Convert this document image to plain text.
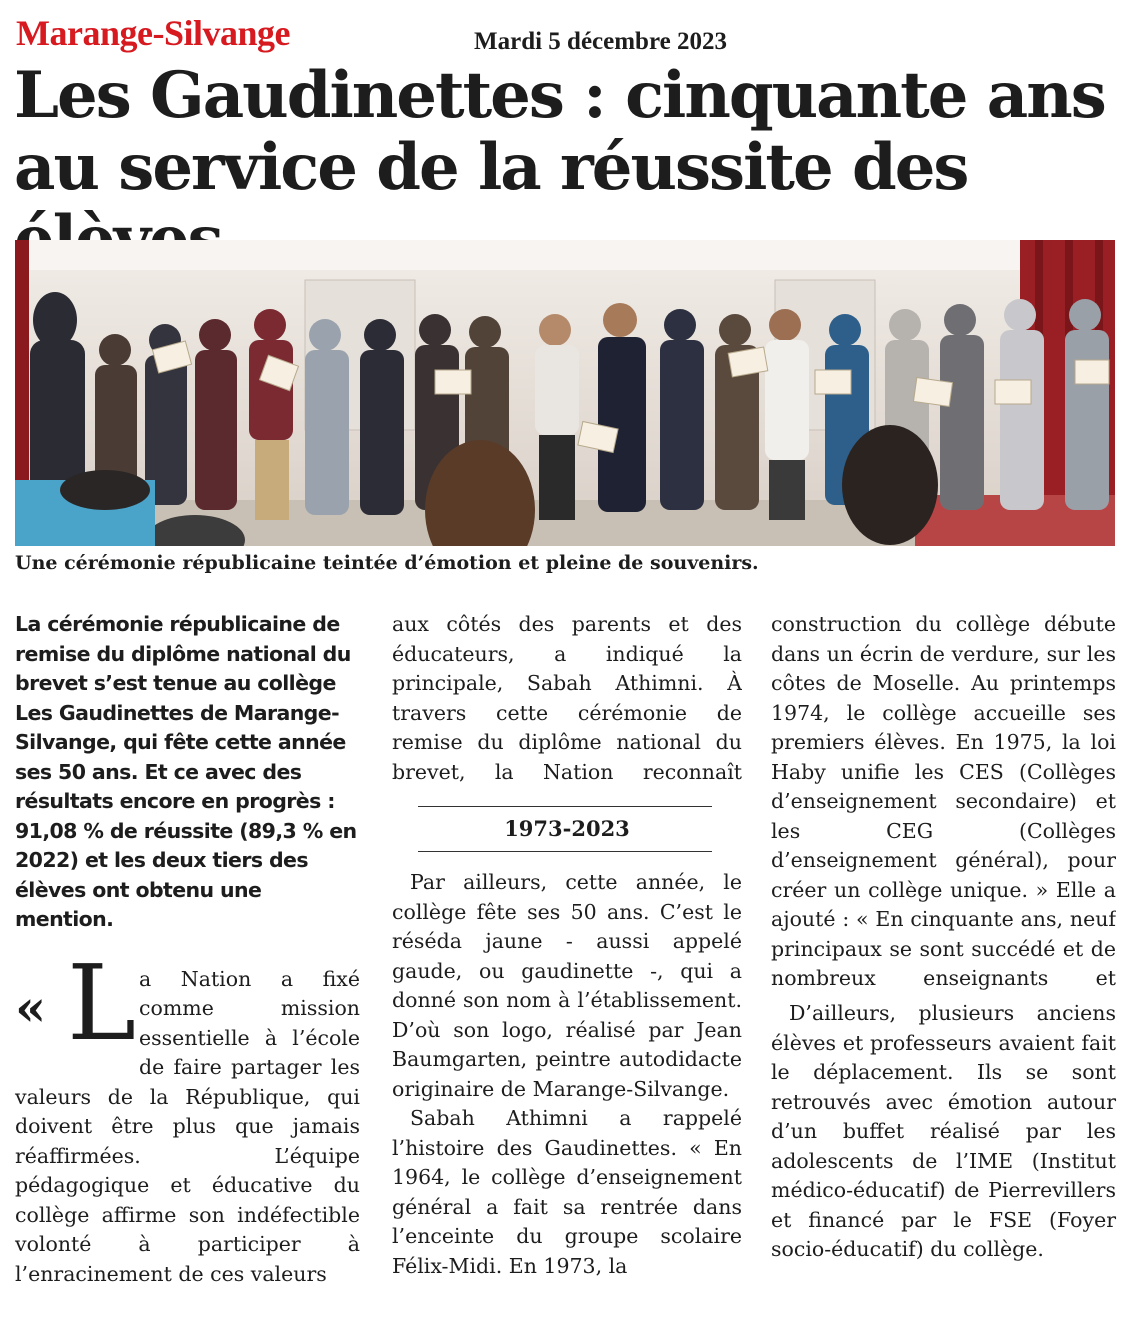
Marange-Silvange	Mardi 5 décembre 2023
Les Gaudinettes : cinquante ans au service de la réussite des
Une cérémonie républicaine teintée d’émotion et pleine de souvenirs.

La cérémonie républicaine de remise du diplôme national du brevet s’est tenue au collège Les Gaudinettes de Marange-Silvange, qui fête cette année ses 50 ans. Et ce avec des résultats encore en progrès : 91,08 % de réussite (89,3 % en 2022) et les deux tiers des élèves ont obtenu une mention.

« L a Nation a fixé comme mission essentielle à l’école de faire partager les valeurs de la République, qui doivent être plus que jamais réaffirmées. L’équipe pédagogique et éducative du collège affirme son indéfectible volonté à participer à l’enracinement de ces valeurs

aux côtés des parents et des éducateurs, a indiqué la principale, Sabah Athimni. À travers cette cérémonie de remise du diplôme national du brevet, la Nation reconnaît

1973-2023

Par ailleurs, cette année, le collège fête ses 50 ans. C’est le réséda jaune - aussi appelé gaude, ou gaudinette -, qui a donné son nom à l’établissement. D’où son logo, réalisé par Jean Baumgarten, peintre autodidacte originaire de Marange-Silvange.

Sabah Athimni a rappelé l’histoire des Gaudinettes. « En 1964, le collège d’enseignement général a fait sa rentrée dans l’enceinte du groupe scolaire Félix-Midi. En 1973, la

construction du collège débute dans un écrin de verdure, sur les côtes de Moselle. Au printemps 1974, le collège accueille ses premiers élèves. En 1975, la loi Haby unifie les CES (Collèges d’enseignement secondaire) et les CEG (Collèges d’enseignement général), pour créer un collège unique. » Elle a ajouté : « En cinquante ans, neuf principaux se sont succédé et de nombreux enseignants et

D’ailleurs, plusieurs anciens élèves et professeurs avaient fait le déplacement. Ils se sont retrouvés avec émotion autour d’un buffet réalisé par les adolescents de l’IME (Institut médico-éducatif) de Pierrevillers et financé par le FSE (Foyer socio-éducatif) du collège.
